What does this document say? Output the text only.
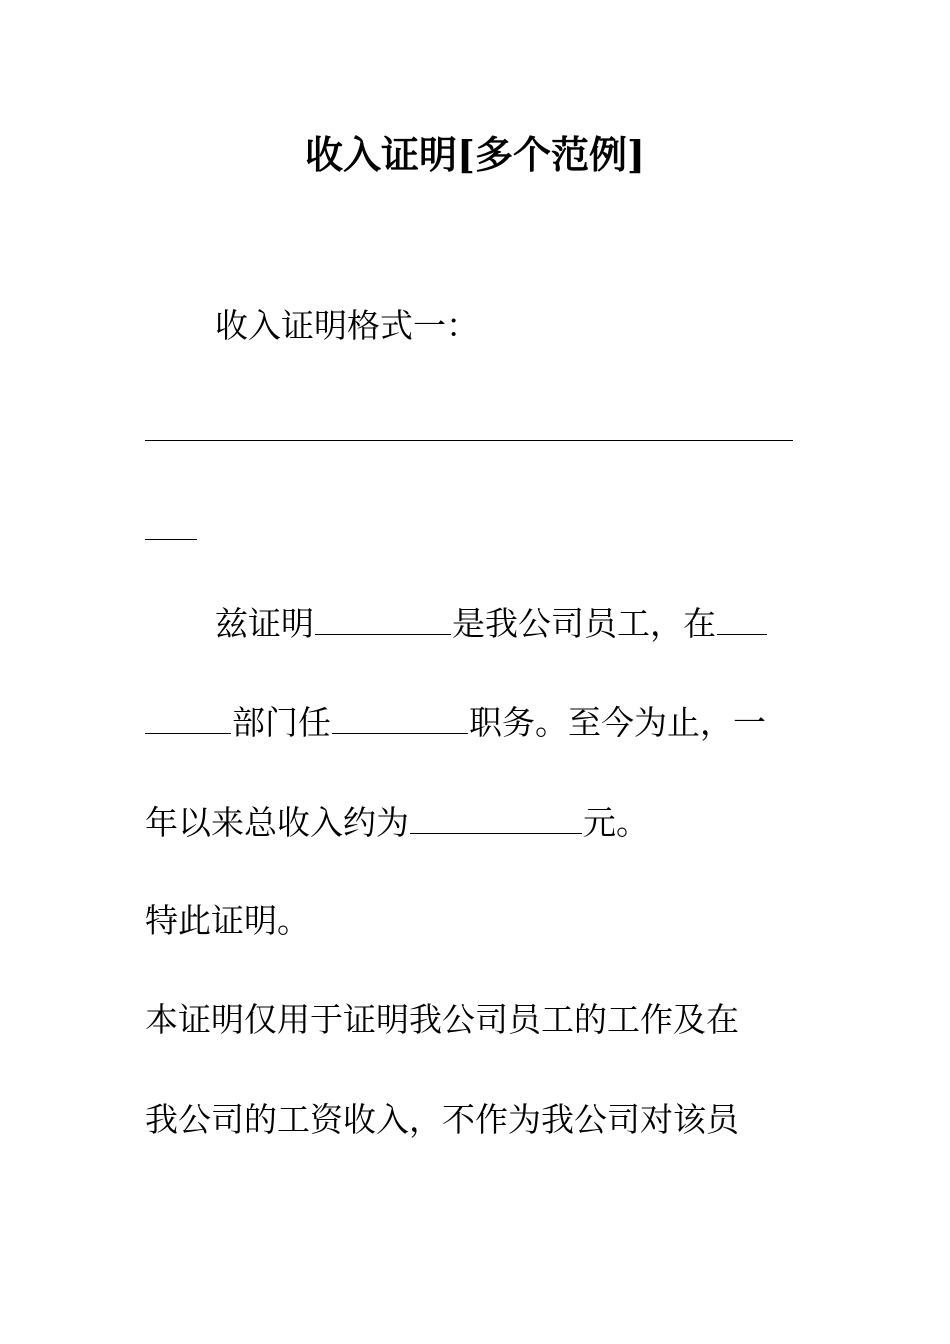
收入证明[多个范例]
收入证明格式一：
兹证明	是我公司员工，在
部门任	职务。至今为止，一
年以来总收入约为	元。
特此证明。
本证明仅用于证明我公司员工的工作及在
我公司的工资收入，不作为我公司对该员
